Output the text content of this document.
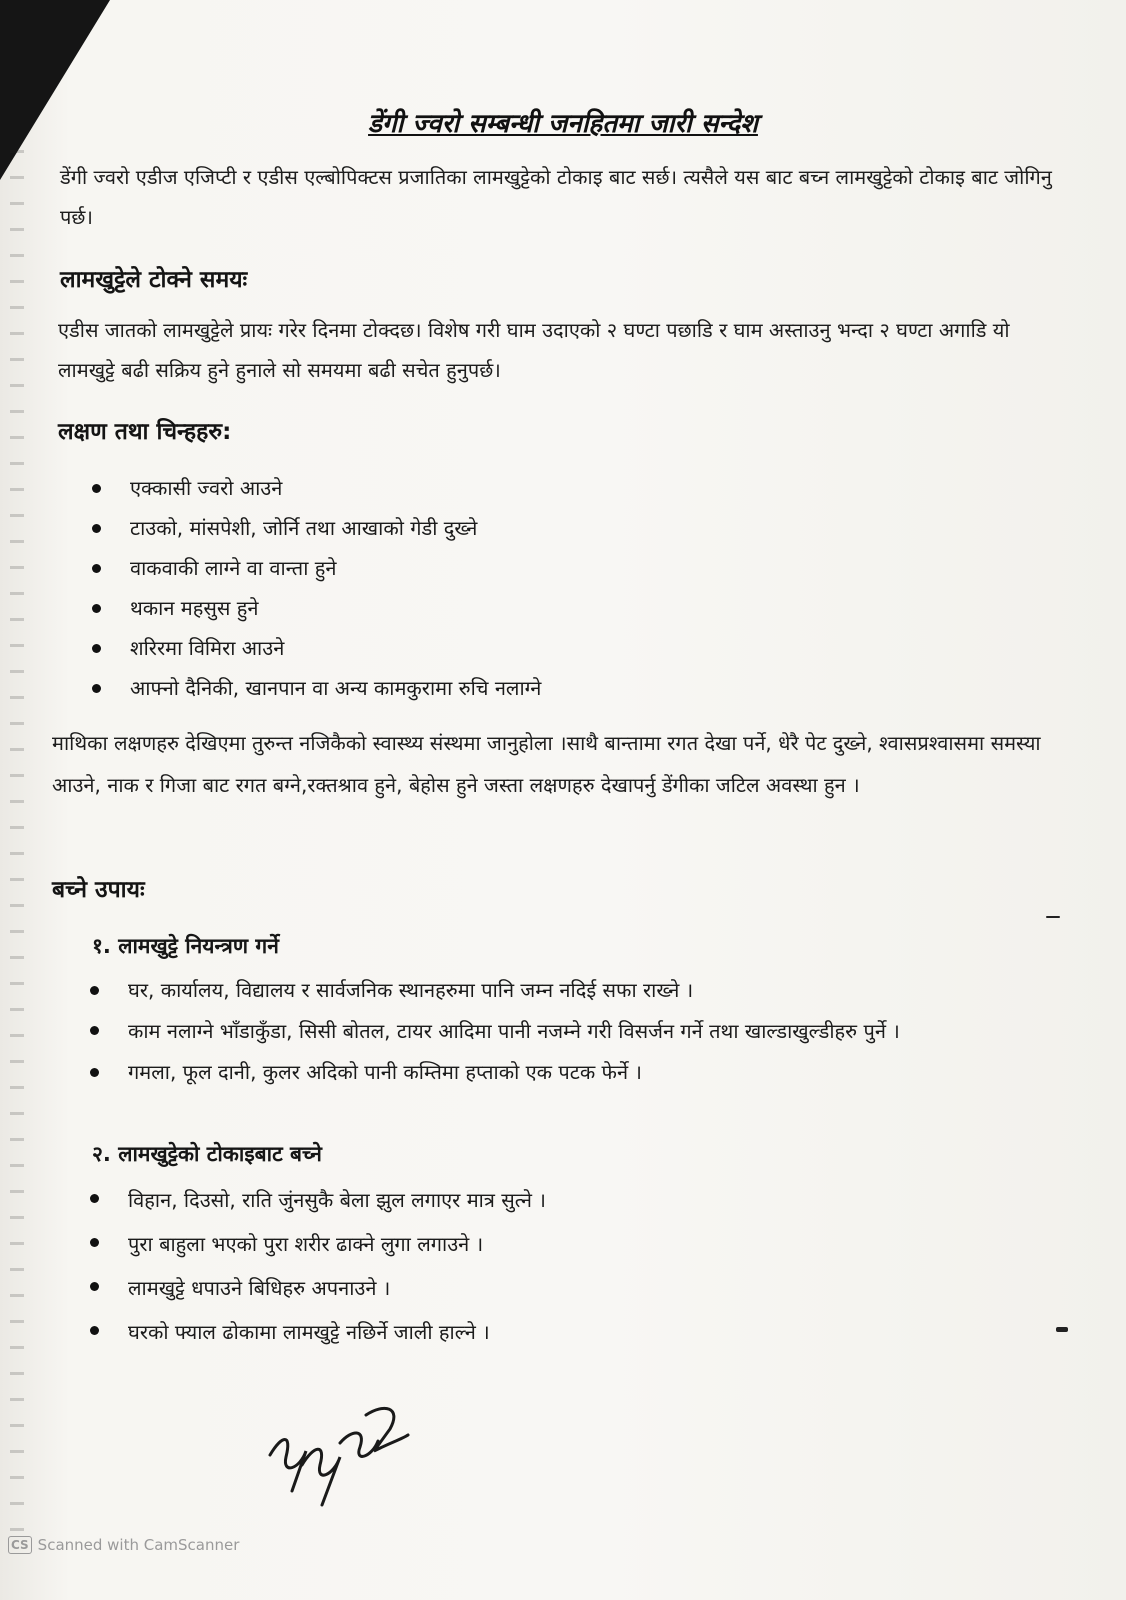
डेंगी ज्वरो सम्बन्धी जनहितमा जारी सन्देश
डेंगी ज्वरो एडीज एजिप्टी र एडीस एल्बोपिक्टस प्रजातिका लामखुट्टेको टोकाइ बाट सर्छ। त्यसैले यस बाट बच्न लामखुट्टेको टोकाइ बाट जोगिनु पर्छ।
लामखुट्टेले टोक्ने समयः
एडीस जातको लामखुट्टेले प्रायः गरेर दिनमा टोक्दछ। विशेष गरी घाम उदाएको २ घण्टा पछाडि र घाम अस्ताउनु भन्दा २ घण्टा अगाडि यो लामखुट्टे बढी सक्रिय हुने हुनाले सो समयमा बढी सचेत हुनुपर्छ।
लक्षण तथा चिन्हहरु:
एक्कासी ज्वरो आउने
टाउको, मांसपेशी, जोर्नि तथा आखाको गेडी दुख्ने
वाकवाकी लाग्ने वा वान्ता हुने
थकान महसुस हुने
शरिरमा विमिरा आउने
आफ्नो दैनिकी, खानपान वा अन्य कामकुरामा रुचि नलाग्ने
माथिका लक्षणहरु देखिएमा तुरुन्त नजिकैको स्वास्थ्य संस्थमा जानुहोला ।साथै बान्तामा रगत देखा पर्ने, धेरै पेट दुख्ने, श्वासप्रश्वासमा समस्या आउने, नाक र गिजा बाट रगत बग्ने,रक्तश्राव हुने, बेहोस हुने जस्ता लक्षणहरु देखापर्नु डेंगीका जटिल अवस्था हुन ।
बच्ने उपायः
१. लामखुट्टे नियन्त्रण गर्ने
घर, कार्यालय, विद्यालय र सार्वजनिक स्थानहरुमा पानि जम्न नदिई सफा राख्ने ।
काम नलाग्ने भाँडाकुँडा, सिसी बोतल, टायर आदिमा पानी नजम्ने गरी विसर्जन गर्ने तथा खाल्डाखुल्डीहरु पुर्ने ।
गमला, फूल दानी, कुलर अदिको पानी कम्तिमा हप्ताको एक पटक फेर्ने ।
२. लामखुट्टेको टोकाइबाट बच्ने
विहान, दिउसो, राति जुंनसुकै बेला झुल लगाएर मात्र सुत्ने ।
पुरा बाहुला भएको पुरा शरीर ढाक्ने लुगा लगाउने ।
लामखुट्टे धपाउने बिधिहरु अपनाउने ।
घरको फ्याल ढोकामा लामखुट्टे नछिर्ने जाली हाल्ने ।
CS Scanned with CamScanner
